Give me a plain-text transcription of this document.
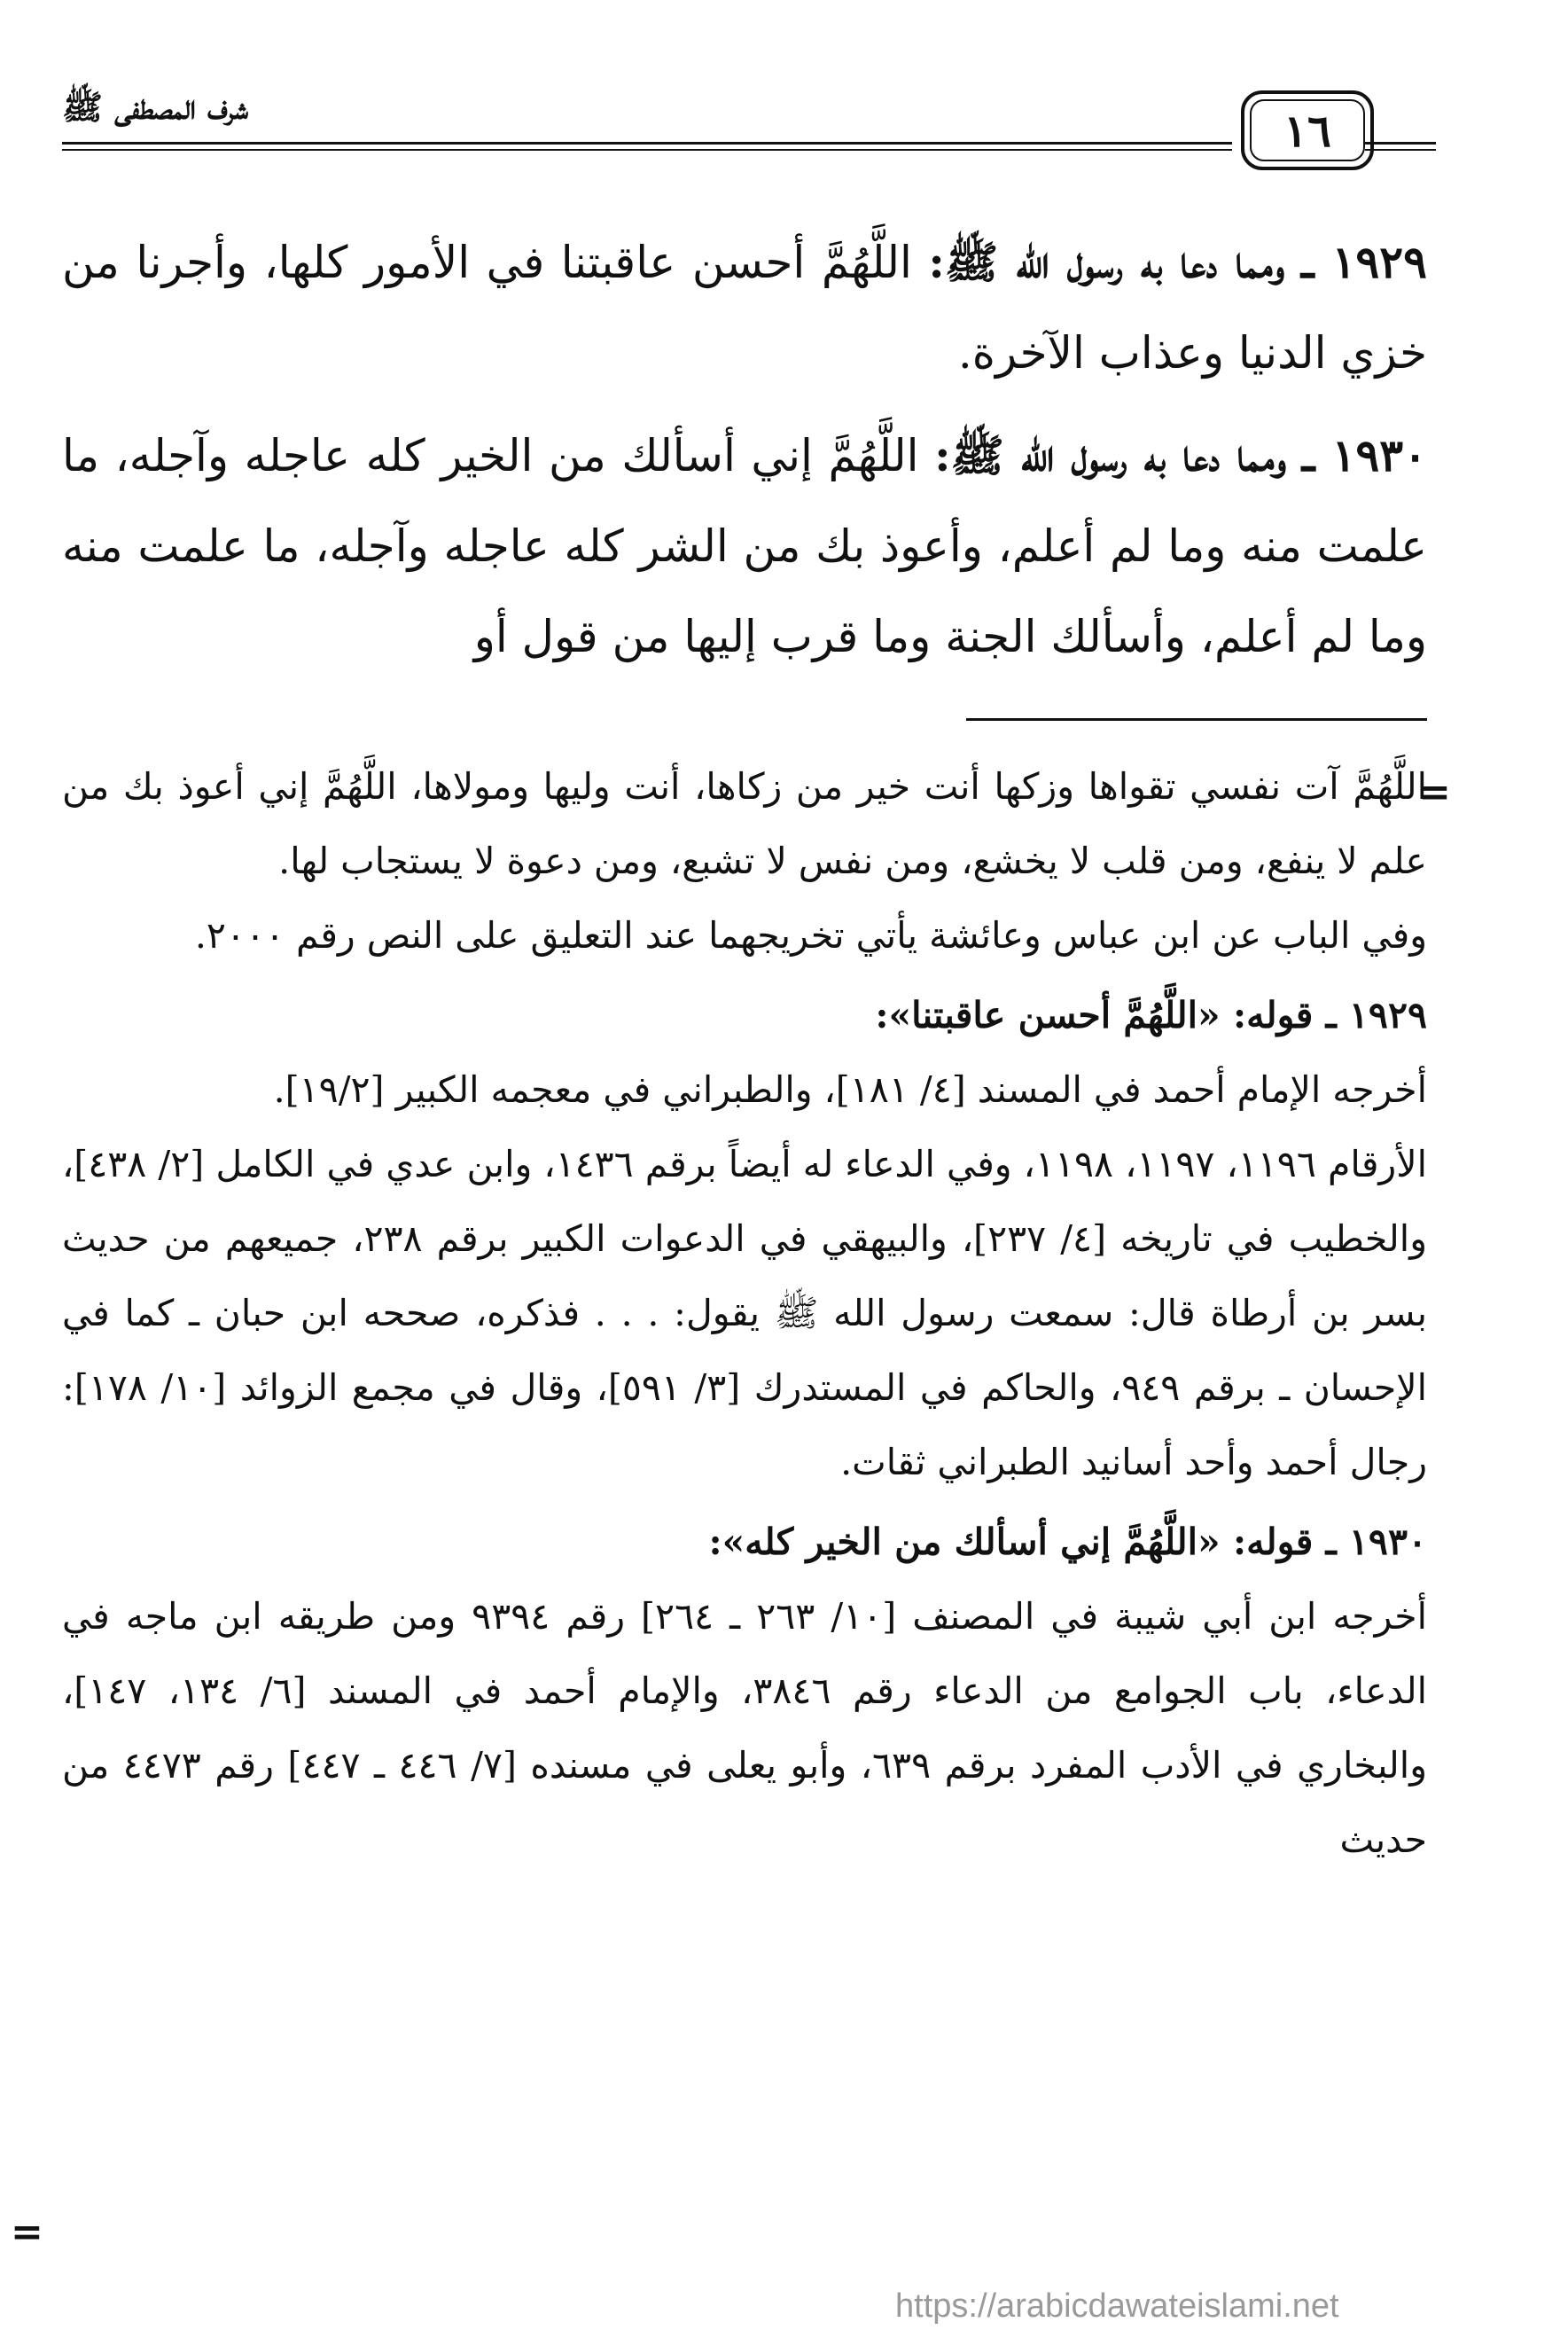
شرف المصطفى ﷺ	١٦

١٩٢٩ ـ ومما دعا به رسول الله ﷺ: اللَّهُمَّ أحسن عاقبتنا في الأمور كلها، وأجرنا من خزي الدنيا وعذاب الآخرة.

١٩٣٠ ـ ومما دعا به رسول الله ﷺ: اللَّهُمَّ إني أسألك من الخير كله عاجله وآجله، ما علمت منه وما لم أعلم، وأعوذ بك من الشر كله عاجله وآجله، ما علمت منه وما لم أعلم، وأسألك الجنة وما قرب إليها من قول أو

=

اللَّهُمَّ آت نفسي تقواها وزكها أنت خير من زكاها، أنت وليها ومولاها، اللَّهُمَّ إني أعوذ بك من علم لا ينفع، ومن قلب لا يخشع، ومن نفس لا تشبع، ومن دعوة لا يستجاب لها.

وفي الباب عن ابن عباس وعائشة يأتي تخريجهما عند التعليق على النص رقم ٢٠٠٠.

١٩٢٩ ـ قوله: «اللَّهُمَّ أحسن عاقبتنا»:

أخرجه الإمام أحمد في المسند [٤/ ١٨١]، والطبراني في معجمه الكبير [١٩/٢].

الأرقام ١١٩٦، ١١٩٧، ١١٩٨، وفي الدعاء له أيضاً برقم ١٤٣٦، وابن عدي في الكامل [٢/ ٤٣٨]، والخطيب في تاريخه [٤/ ٢٣٧]، والبيهقي في الدعوات الكبير برقم ٢٣٨، جميعهم من حديث بسر بن أرطاة قال: سمعت رسول الله ﷺ يقول: . . . فذكره، صححه ابن حبان ـ كما في الإحسان ـ برقم ٩٤٩، والحاكم في المستدرك [٣/ ٥٩١]، وقال في مجمع الزوائد [١٠/ ١٧٨]: رجال أحمد وأحد أسانيد الطبراني ثقات.

١٩٣٠ ـ قوله: «اللَّهُمَّ إني أسألك من الخير كله»:

أخرجه ابن أبي شيبة في المصنف [١٠/ ٢٦٣ ـ ٢٦٤] رقم ٩٣٩٤ ومن طريقه ابن ماجه في الدعاء، باب الجوامع من الدعاء رقم ٣٨٤٦، والإمام أحمد في المسند [٦/ ١٣٤، ١٤٧]، والبخاري في الأدب المفرد برقم ٦٣٩، وأبو يعلى في مسنده [٧/ ٤٤٦ ـ ٤٤٧] رقم ٤٤٧٣ من حديث

=
https://arabicdawateislami.net
